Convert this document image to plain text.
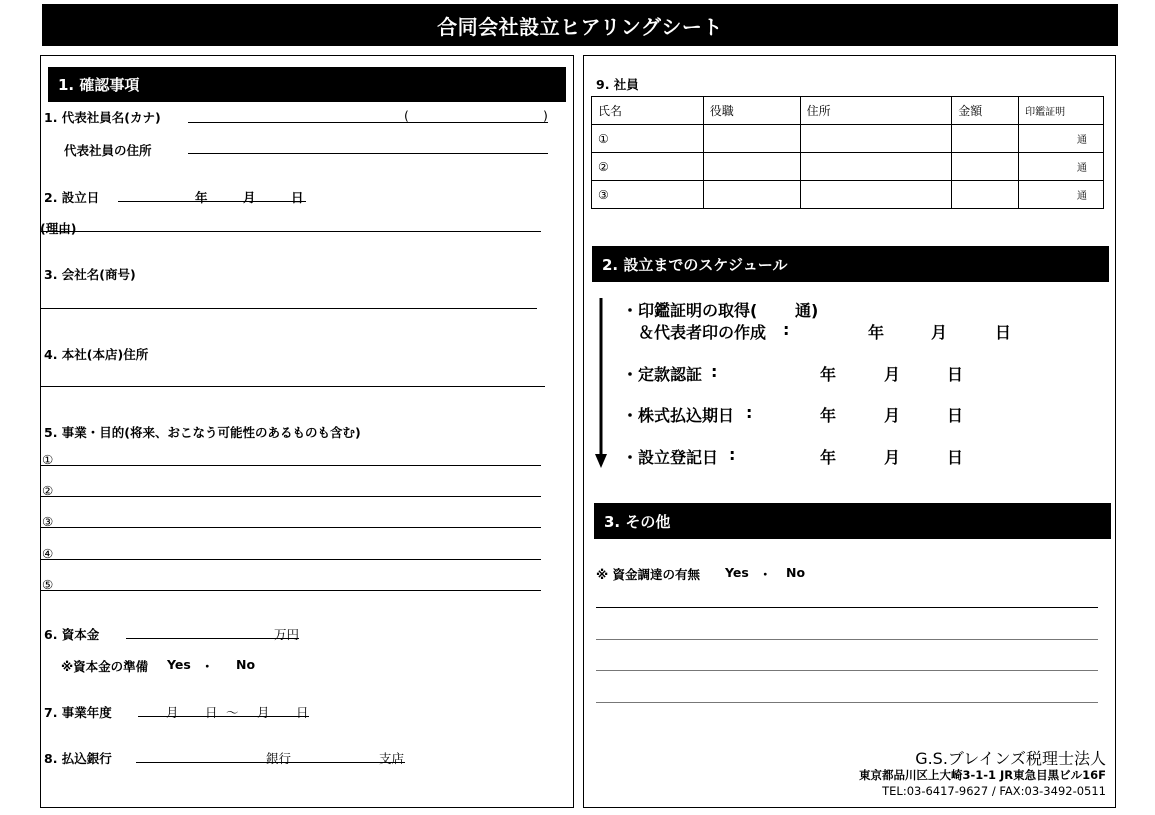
合同会社設立ヒアリングシート
1. 確認事項
1. 代表社員名(カナ)	(	)
代表社員の住所
2. 設立日	年	月	日
(理由)
3. 会社名(商号)
4. 本社(本店)住所
5. 事業・目的(将来、おこなう可能性のあるものも含む)
①
②
③
④
⑤
6. 資本金	万円
※資本金の準備 Yes ・ No
7. 事業年度	月 日 ～ 月 日
8. 払込銀行	銀行	支店
9. 社員
氏名	役職	住所	金額	印鑑証明
①				通
②				通
③				通
2. 設立までのスケジュール
・印鑑証明の取得( 通)
＆代表者印の作成 :	年	月	日
・定款認証 :	年	月	日
・株式払込期日 :	年	月	日
・設立登記日 :	年	月	日
3. その他
※ 資金調達の有無 Yes ・ No
G.S.ブレインズ税理士法人
東京都品川区上大崎3-1-1 JR東急目黒ビル16F
TEL:03-6417-9627 / FAX:03-3492-0511
